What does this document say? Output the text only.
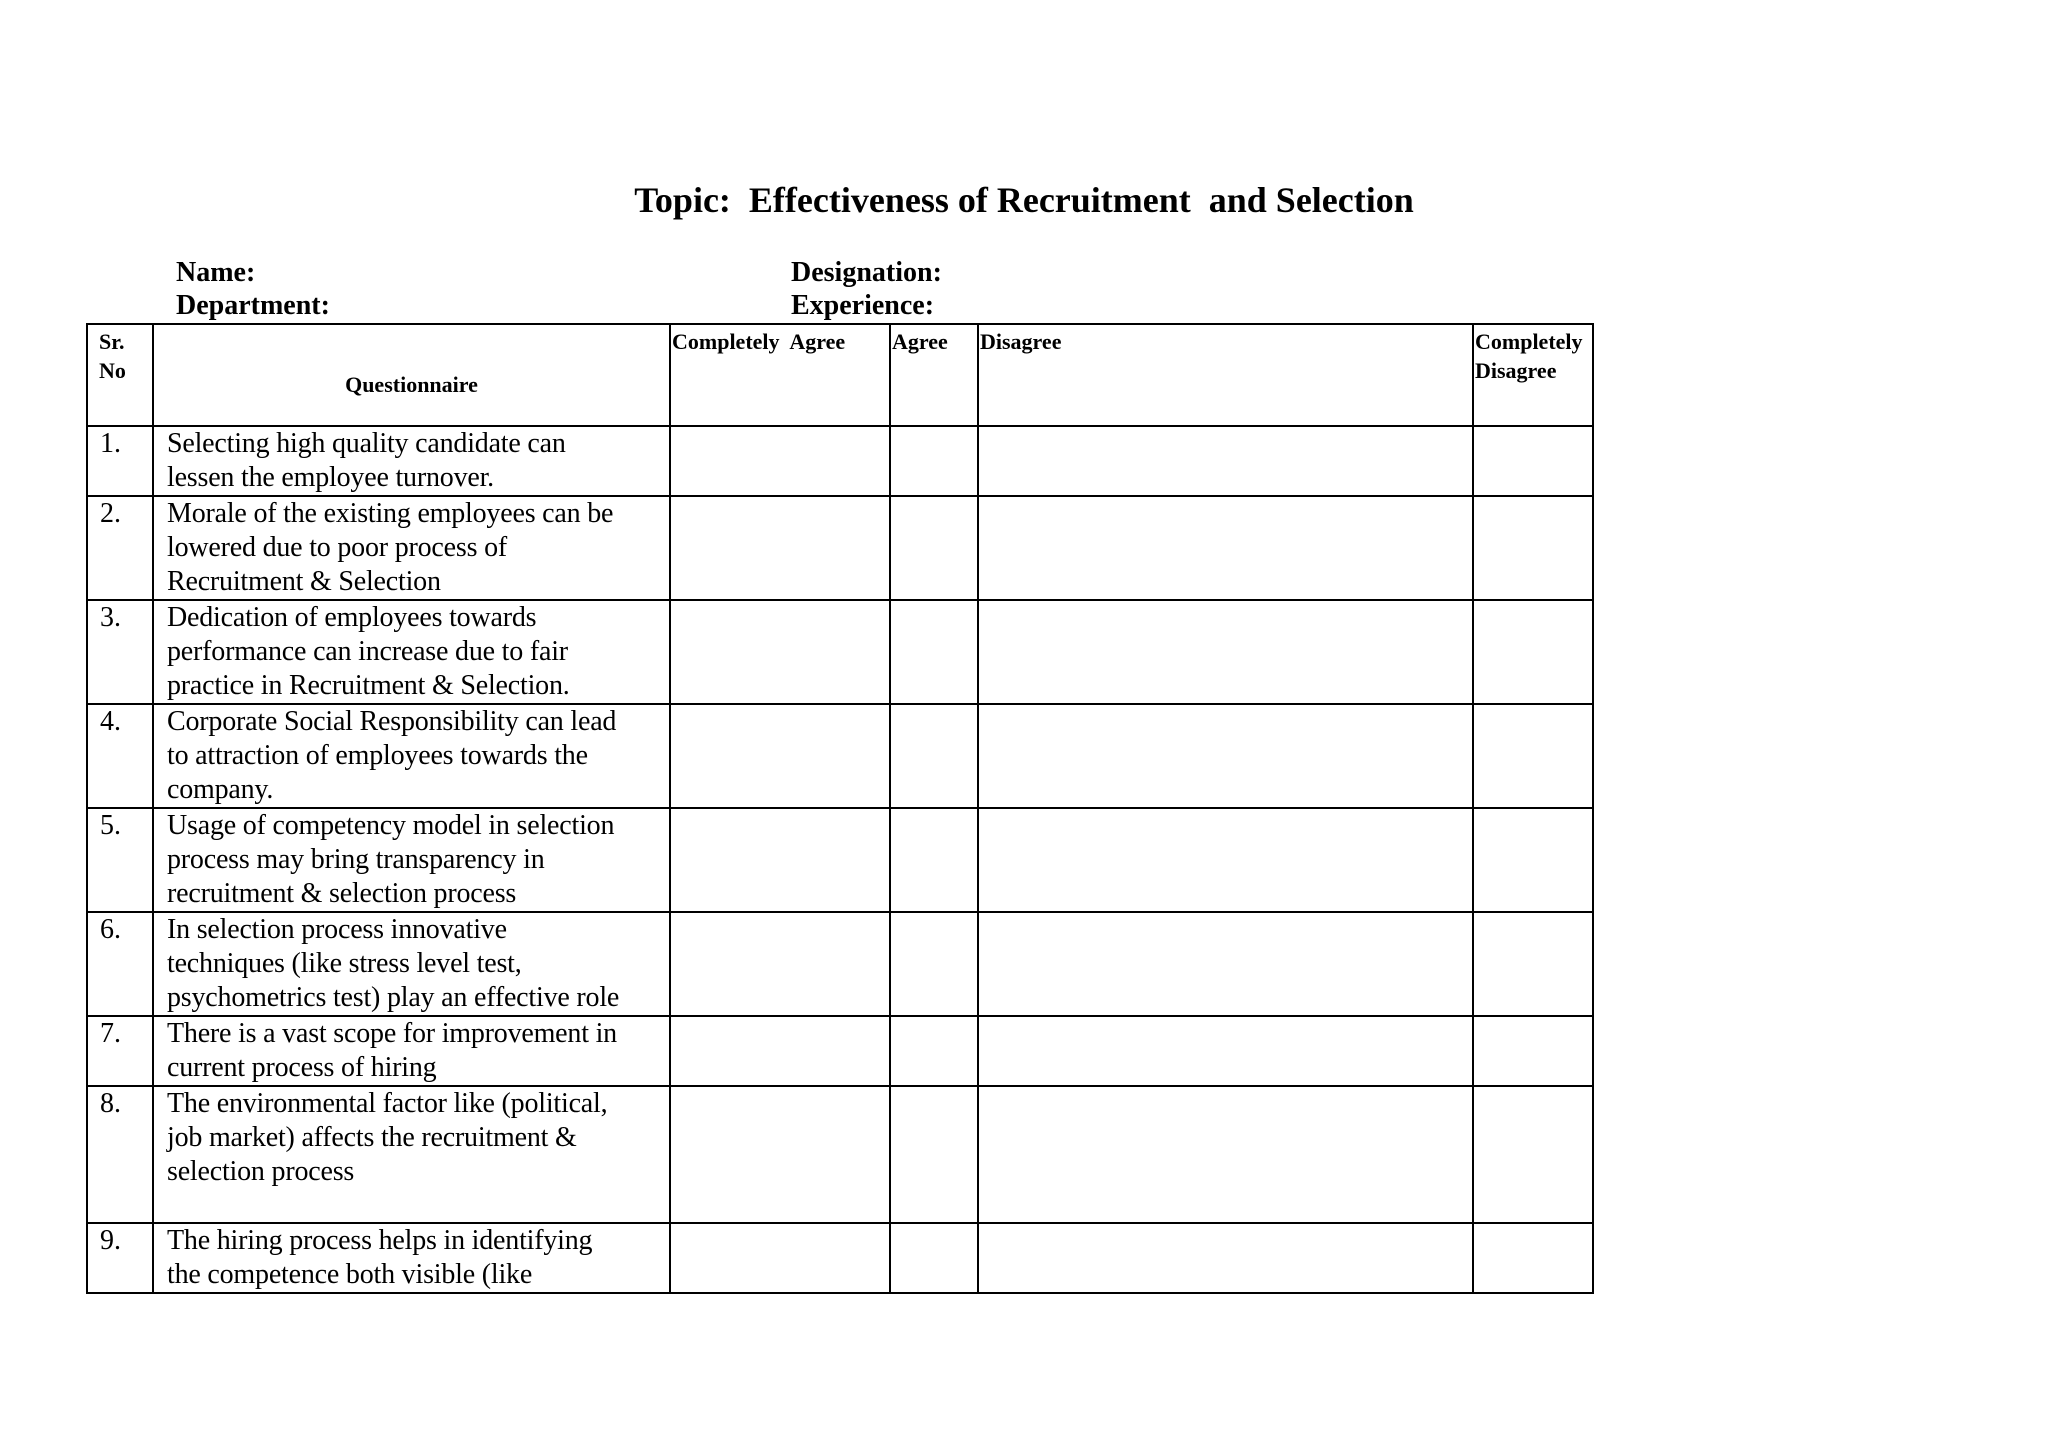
Topic:  Effectiveness of Recruitment  and Selection
Name:
Department:
Designation:
Experience:
Sr.
No	Questionnaire	Completely  Agree	Agree	Disagree	Completely
Disagree
1.	Selecting high quality candidate can
lessen the employee turnover.				
2.	Morale of the existing employees can be
lowered due to poor process of
Recruitment & Selection				
3.	Dedication of employees towards
performance can increase due to fair
practice in Recruitment & Selection.				
4.	Corporate Social Responsibility can lead
to attraction of employees towards the
company.				
5.	Usage of competency model in selection
process may bring transparency in
recruitment & selection process				
6.	In selection process innovative
techniques (like stress level test,
psychometrics test) play an effective role				
7.	There is a vast scope for improvement in
current process of hiring				
8.	The environmental factor like (political,
job market) affects the recruitment &
selection process				
9.	The hiring process helps in identifying
the competence both visible (like				
